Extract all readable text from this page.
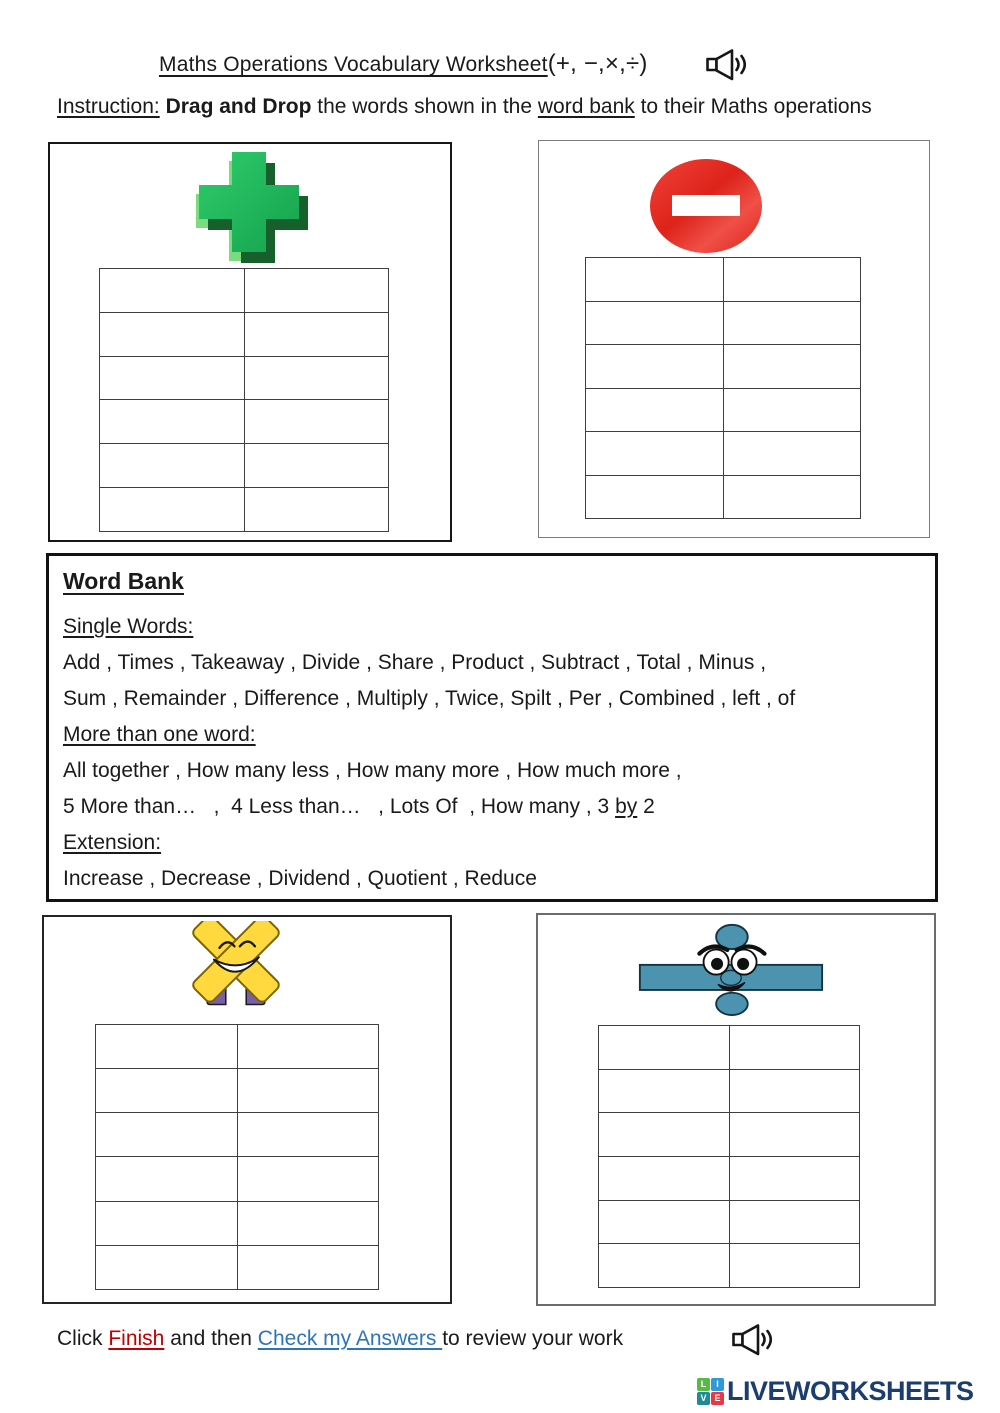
Maths Operations Vocabulary Worksheet(+, −,×,÷)
Instruction: Drag and Drop the words shown in the word bank to their Maths operations

Word Bank
Single Words:
Add , Times , Takeaway , Divide , Share , Product , Subtract , Total , Minus ,
Sum , Remainder , Difference , Multiply , Twice, Spilt , Per , Combined , left , of
More than one word:
All together , How many less , How many more , How much more ,
5 More than…   ,  4 Less than…   , Lots Of  , How many , 3 by 2
Extension:
Increase , Decrease , Dividend , Quotient , Reduce

Click Finish and then Check my Answers to review your work
L	I
V E LIVEWORKSHEETS
